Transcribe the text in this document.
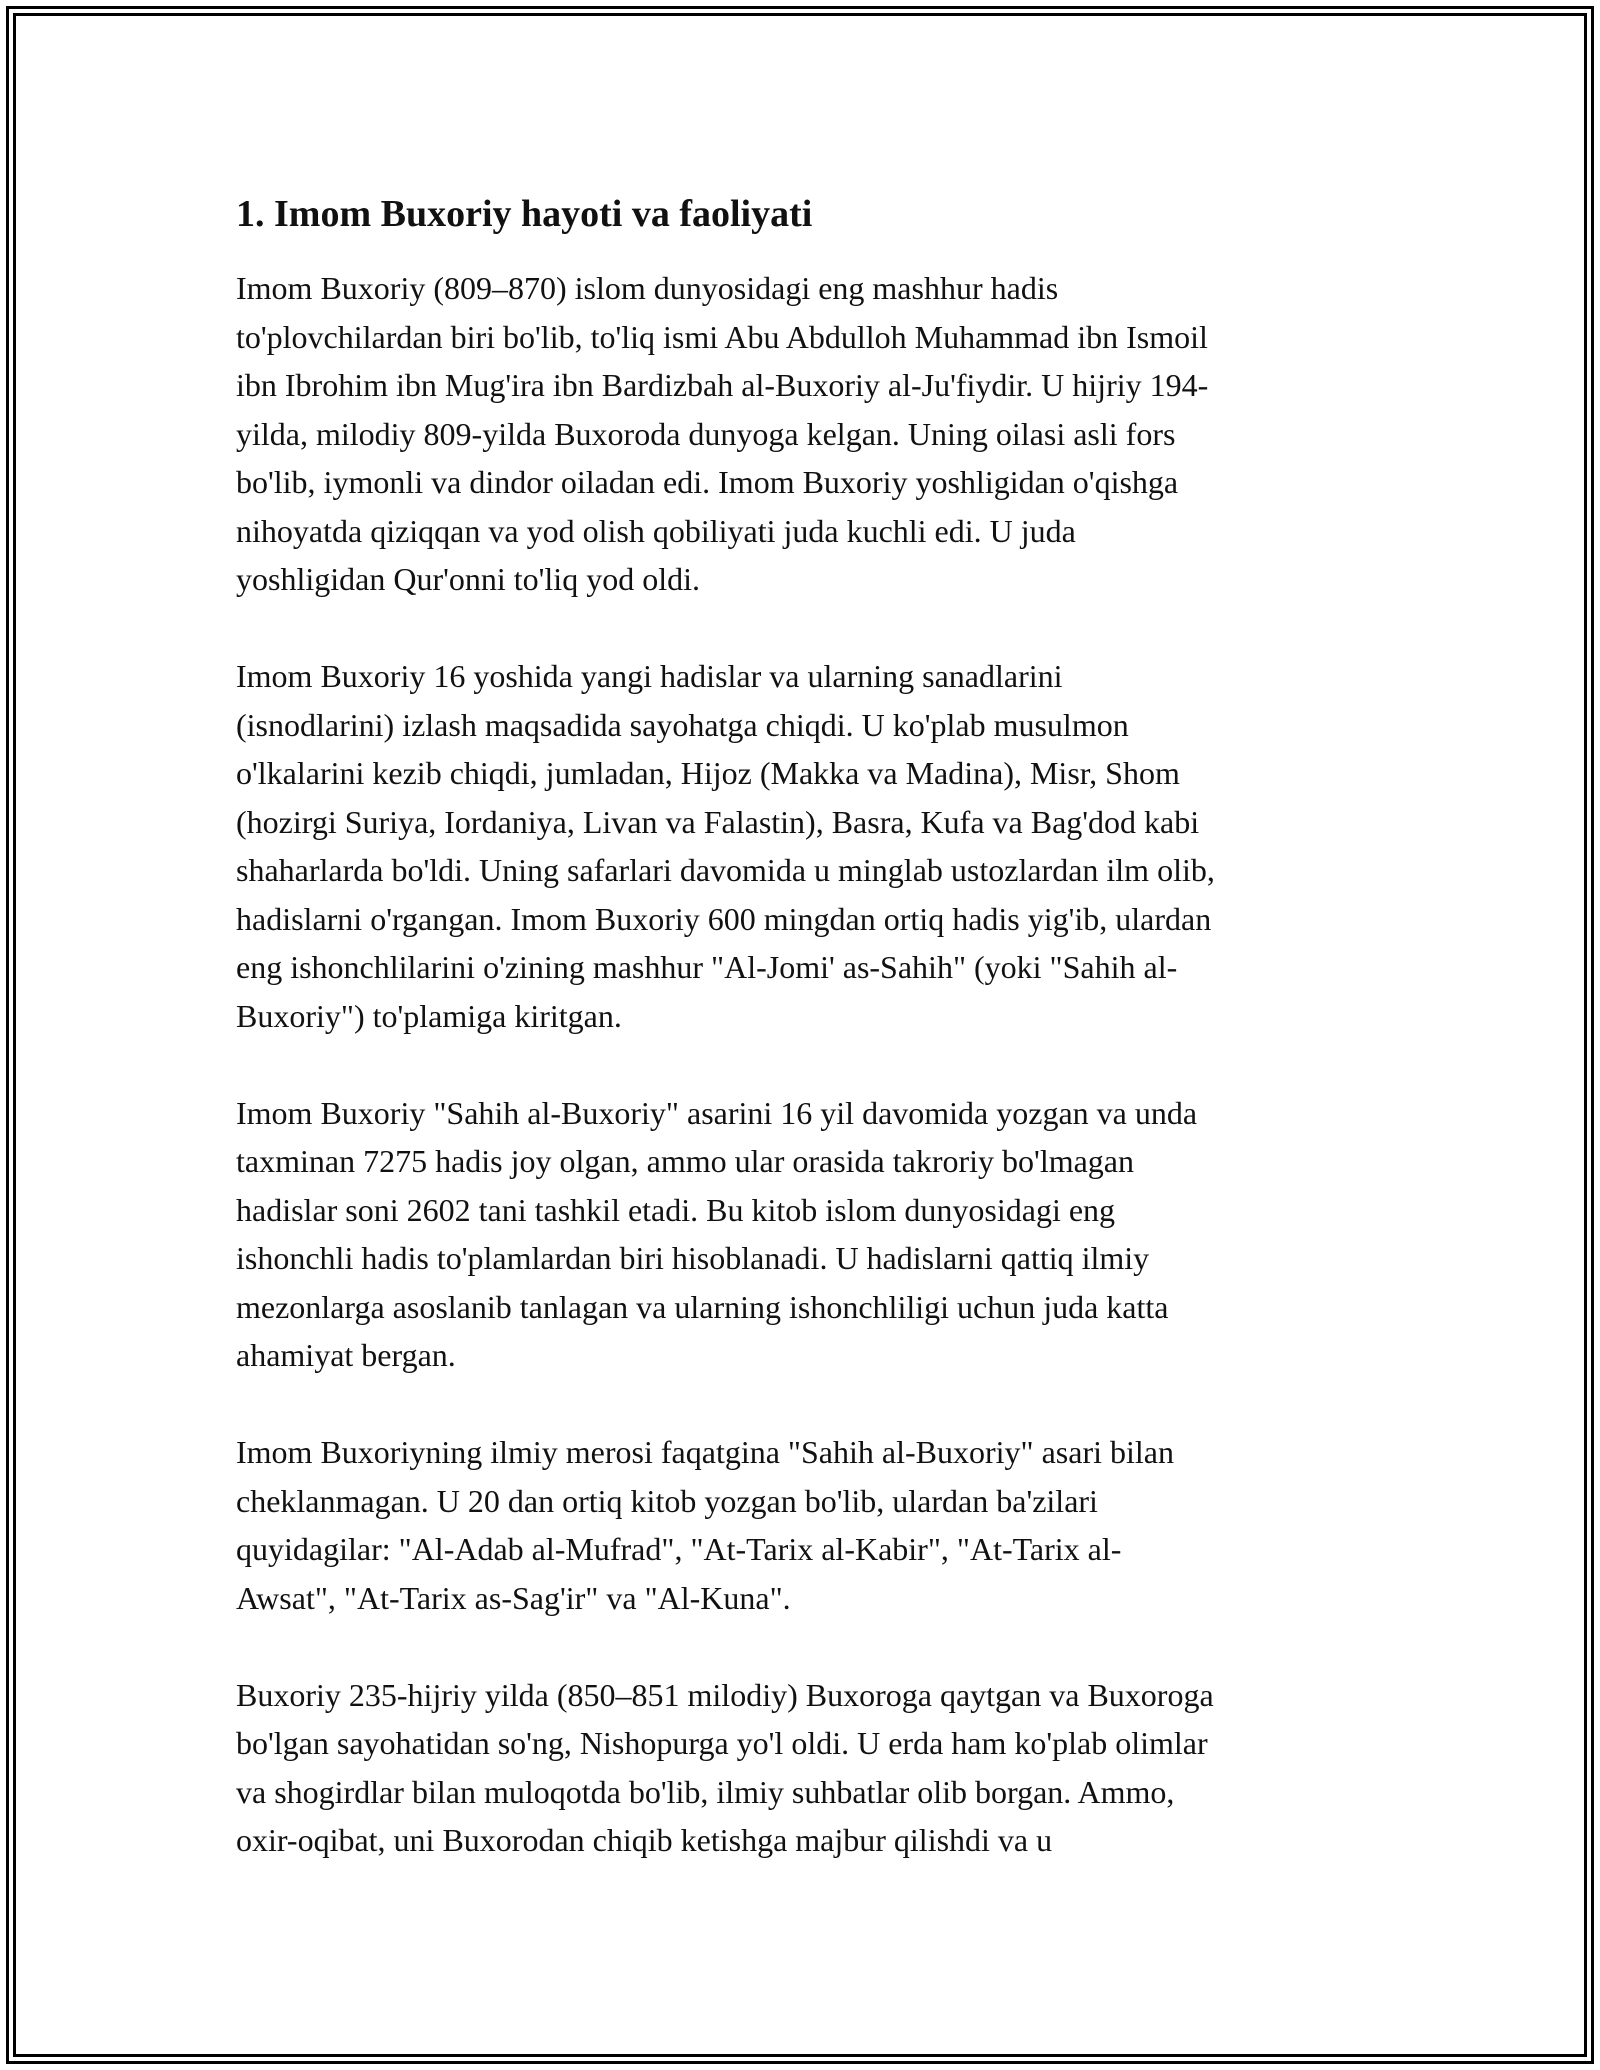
1. Imom Buxoriy hayoti va faoliyati

Imom Buxoriy (809–870) islom dunyosidagi eng mashhur hadis
to'plovchilardan biri bo'lib, to'liq ismi Abu Abdulloh Muhammad ibn Ismoil
ibn Ibrohim ibn Mug'ira ibn Bardizbah al-Buxoriy al-Ju'fiydir. U hijriy 194-
yilda, milodiy 809-yilda Buxoroda dunyoga kelgan. Uning oilasi asli fors
bo'lib, iymonli va dindor oiladan edi. Imom Buxoriy yoshligidan o'qishga
nihoyatda qiziqqan va yod olish qobiliyati juda kuchli edi. U juda
yoshligidan Qur'onni to'liq yod oldi.

Imom Buxoriy 16 yoshida yangi hadislar va ularning sanadlarini
(isnodlarini) izlash maqsadida sayohatga chiqdi. U ko'plab musulmon
o'lkalarini kezib chiqdi, jumladan, Hijoz (Makka va Madina), Misr, Shom
(hozirgi Suriya, Iordaniya, Livan va Falastin), Basra, Kufa va Bag'dod kabi
shaharlarda bo'ldi. Uning safarlari davomida u minglab ustozlardan ilm olib,
hadislarni o'rgangan. Imom Buxoriy 600 mingdan ortiq hadis yig'ib, ulardan
eng ishonchlilarini o'zining mashhur "Al-Jomi' as-Sahih" (yoki "Sahih al-
Buxoriy") to'plamiga kiritgan.

Imom Buxoriy "Sahih al-Buxoriy" asarini 16 yil davomida yozgan va unda
taxminan 7275 hadis joy olgan, ammo ular orasida takroriy bo'lmagan
hadislar soni 2602 tani tashkil etadi. Bu kitob islom dunyosidagi eng
ishonchli hadis to'plamlardan biri hisoblanadi. U hadislarni qattiq ilmiy
mezonlarga asoslanib tanlagan va ularning ishonchliligi uchun juda katta
ahamiyat bergan.

Imom Buxoriyning ilmiy merosi faqatgina "Sahih al-Buxoriy" asari bilan
cheklanmagan. U 20 dan ortiq kitob yozgan bo'lib, ulardan ba'zilari
quyidagilar: "Al-Adab al-Mufrad", "At-Tarix al-Kabir", "At-Tarix al-
Awsat", "At-Tarix as-Sag'ir" va "Al-Kuna".

Buxoriy 235-hijriy yilda (850–851 milodiy) Buxoroga qaytgan va Buxoroga
bo'lgan sayohatidan so'ng, Nishopurga yo'l oldi. U erda ham ko'plab olimlar
va shogirdlar bilan muloqotda bo'lib, ilmiy suhbatlar olib borgan. Ammo,
oxir-oqibat, uni Buxorodan chiqib ketishga majbur qilishdi va u
